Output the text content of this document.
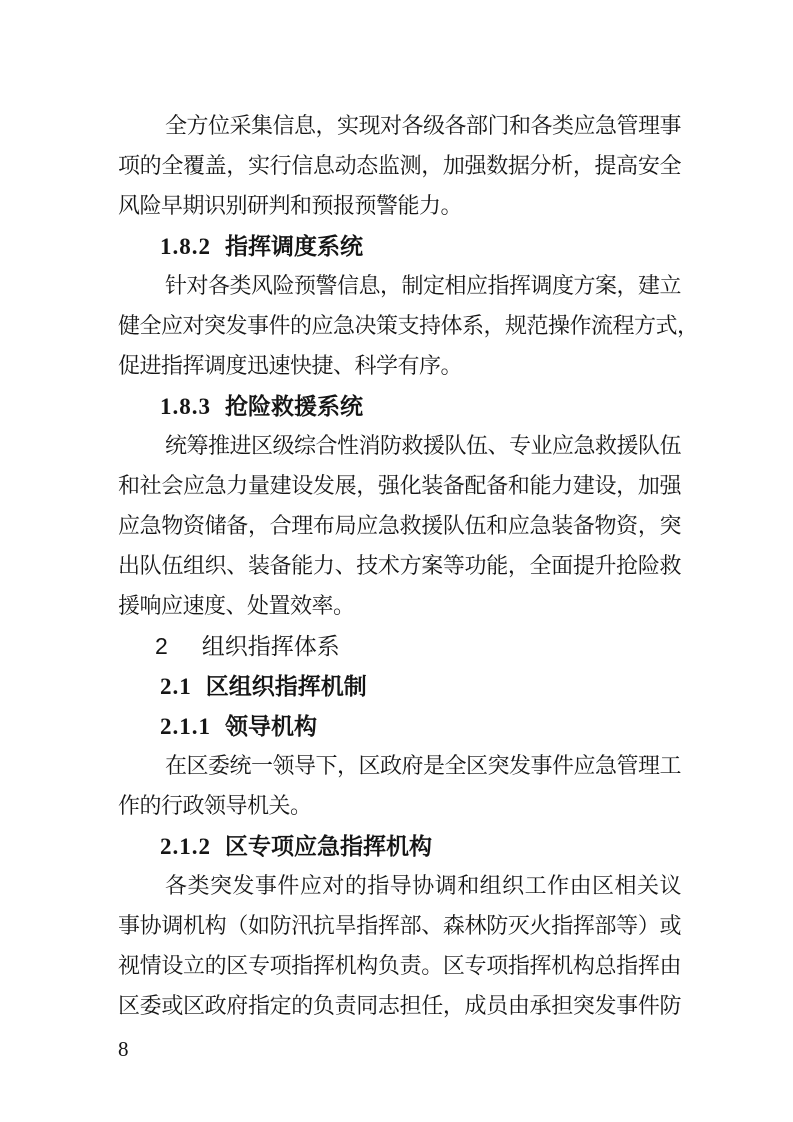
全方位采集信息，实现对各级各部门和各类应急管理事
项的全覆盖，实行信息动态监测，加强数据分析，提高安全
风险早期识别研判和预报预警能力。
1.8.2 指挥调度系统
针对各类风险预警信息，制定相应指挥调度方案，建立
健全应对突发事件的应急决策支持体系，规范操作流程方式，
促进指挥调度迅速快捷、科学有序。
1.8.3 抢险救援系统
统筹推进区级综合性消防救援队伍、专业应急救援队伍
和社会应急力量建设发展，强化装备配备和能力建设，加强
应急物资储备，合理布局应急救援队伍和应急装备物资，突
出队伍组织、装备能力、技术方案等功能，全面提升抢险救
援响应速度、处置效率。
2 组织指挥体系
2.1 区组织指挥机制
2.1.1 领导机构
在区委统一领导下，区政府是全区突发事件应急管理工
作的行政领导机关。
2.1.2 区专项应急指挥机构
各类突发事件应对的指导协调和组织工作由区相关议
事协调机构（如防汛抗旱指挥部、森林防灭火指挥部等）或
视情设立的区专项指挥机构负责。区专项指挥机构总指挥由
区委或区政府指定的负责同志担任，成员由承担突发事件防
8
